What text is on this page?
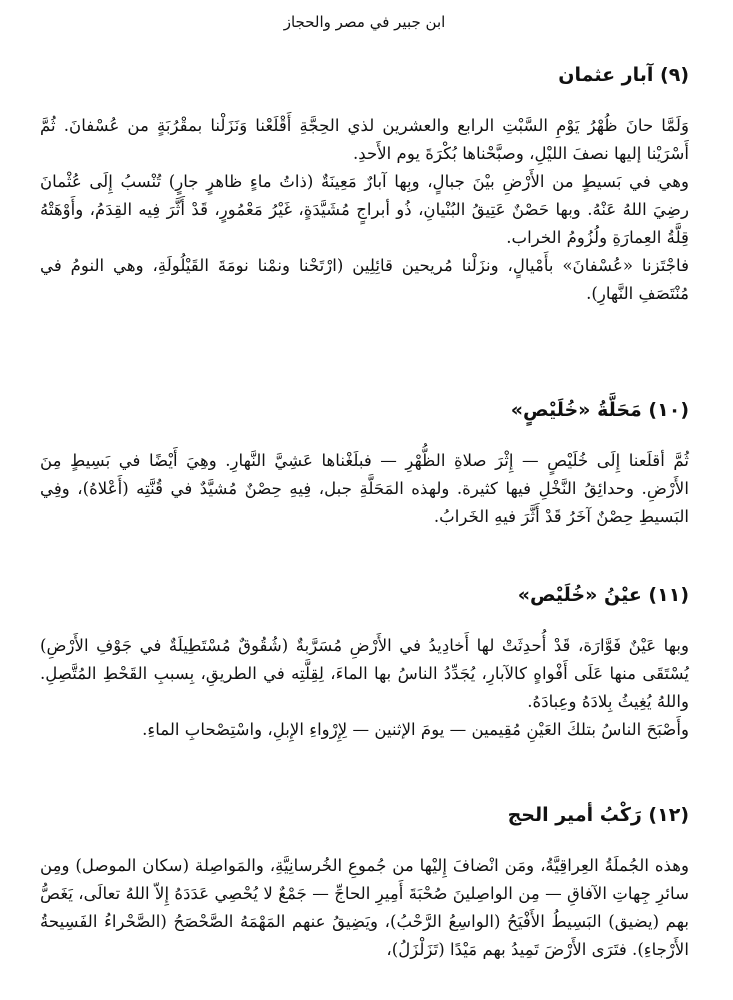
ابن جبير في مصر والحجاز
(٩) آبار عثمان

وَلَمَّا حانَ ظُهْرُ يَوْمِ السَّبْتِ الرابع والعشرين لذي الحِجَّةِ أَقْلَعْنا وَنَزَلْنا بمقْرُبَةٍ من عُسْفانَ. ثُمَّ أَسْرَيْنا إليها نصفَ الليْلِ، وصبَّحْناها بُكْرَةَ يوم الأَحدِ.

وهي في بَسيطٍ من الأَرْضِ بيْنَ جبالٍ، وبِها آبارٌ مَعِينَةٌ (ذاتُ ماءٍ ظاهرٍ جارٍ) تُنْسبُ إِلَى عُثْمانَ رضِيَ اللهُ عَنْهُ. وبها حَصْنٌ عَتِيقُ البُنْيانِ، ذُو أبراجٍ مُشَيَّدَةٍ، غَيْرُ مَعْمُورٍ، قَدْ أَثَّرَ فِيه القِدَمُ، وأَوْهَتْهُ قِلَّةُ العِمارَةِ ولُزُومُ الخراب.

فاجْتَزنا «عُسْفانَ» بأَمْيالٍ، ونزَلْنا مُريحين قائِلِين (ارْتَحْنا ونمْنا نومَةَ القَيْلُولَةِ، وهي النومُ في مُنْتَصَفِ النَّهارِ).

(١٠) مَحَلَّةُ «خُلَيْصٍ»

ثُمَّ أقلَعنا إِلَى خُلَيْصٍ — إِثْرَ صلاةِ الظُّهْرِ — فبلَغْناها عَشِيَّ النَّهارِ. وهِيَ أَيْضًا في بَسِيطٍ مِنَ الأَرْضِ. وحدائِقُ النَّخْلِ فيها كثيرة. ولهذه المَحَلَّةِ جبل، فِيهِ حِصْنٌ مُشيَّدٌ في قُنَّتِه (أَعْلاهُ)، وفِي البَسيطِ حِصْنٌ آخَرُ قَدْ أَثَّرَ فيهِ الخَرابُ.

(١١) عيْنُ «خُلَيْص»

وبها عَيْنٌ فَوَّارَة، قَدْ أُحدِثَتْ لها أَخادِيدُ في الأَرْضِ مُسَرَّبةٌ (شُقُوقٌ مُسْتَطِيلَةٌ في جَوْفِ الأَرْضِ) يُسْتَقَى منها عَلَى أَفْواهٍ كالآبارِ، يُجَدِّدُ الناسُ بها الماءَ، لِقِلَّتِه في الطريقِ، بِسببِ القَحْطِ المُتَّصِلِ. واللهُ يُغِيثُ بِلادَهُ وعِبادَهُ.

وأَصْبَحَ الناسُ بتلكَ العَيْنِ مُقِيمين — يومَ الإثنين — لِإِرْواءِ الإِبلِ، واسْتِصْحابِ الماءِ.

(١٢) رَكْبُ أمير الحج

وهذه الجُملَةُ العِراقِيَّةُ، ومَن انْضافَ إِليْها من جُموعِ الخُرسانِيَّةِ، والمَواصِلة (سكان الموصل) ومِن سائرِ جِهاتِ الآفاقِ — مِن الواصِلينَ صُحْبَةَ أَمِيرِ الحاجِّ — جَمْعٌ لا يُحْصِي عَدَدَهُ إِلاّ اللهُ تعالَى، يَغَصُّ بهم (يضيق) البَسِيطُ الأَفْيَحُ (الواسِعُ الرَّحْبُ)، ويَضِيقُ عنهم المَهْمَهُ الصَّحْصَحُ (الصَّحْراءُ الفَسِيحةُ الأَرْجاءِ). فتَرَى الأَرْضَ تَمِيدُ بهم مَيْدًا (تَزَلْزَلُ)،
